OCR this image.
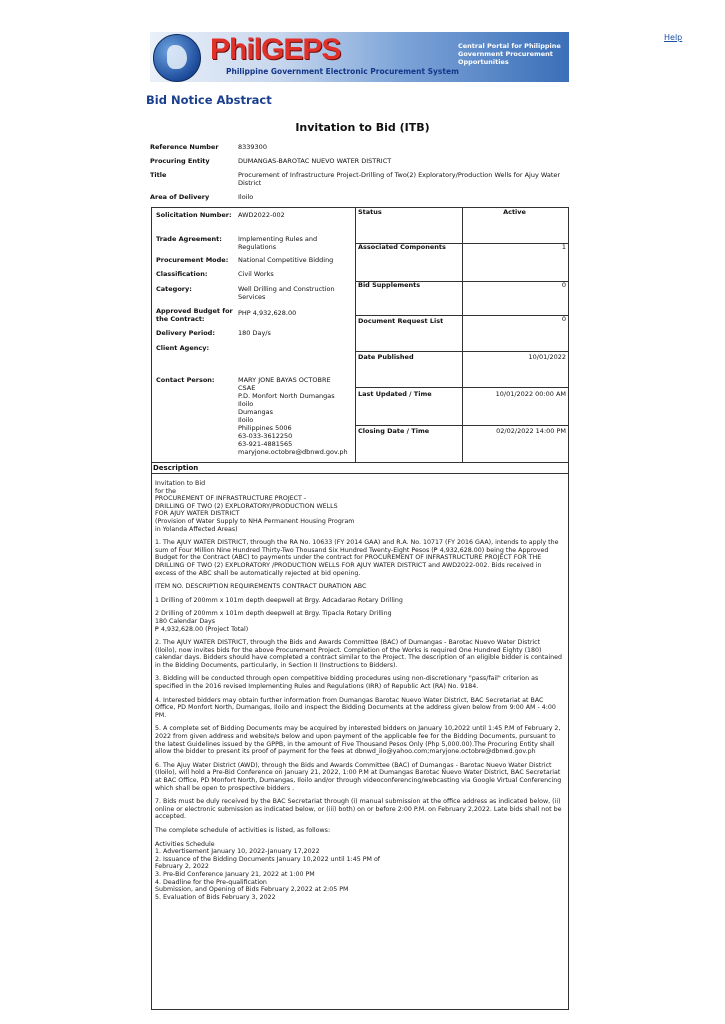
Help
PhilGEPS
Philippine Government Electronic Procurement System
Central Portal for Philippine Government Procurement Opportunities
Bid Notice Abstract
Invitation to Bid (ITB)
Reference Number	8339300
Procuring Entity	DUMANGAS-BAROTAC NUEVO WATER DISTRICT
Title	Procurement of Infrastructure Project-Drilling of Two(2) Exploratory/Production Wells for Ajuy Water District
Area of Delivery	Iloilo
Solicitation Number: AWD2022-002
Trade Agreement:	Implementing Rules and Regulations
Procurement Mode:	National Competitive Bidding
Classification:	Civil Works
Category:	Well Drilling and Construction Services
Approved Budget for the Contract:
PHP 4,932,628.00
Delivery Period:	180 Day/s
Client Agency:
Contact Person:	MARY JONE BAYAS OCTOBRE
CSAE
P.D. Monfort North Dumangas
Iloilo
Dumangas
Iloilo
Philippines 5006
63-033-3612250
63-921-4881565
maryjone.octobre@dbnwd.gov.ph
Status	Active
Associated Components	1
Bid Supplements	0
Document Request List	0
Date Published	10/01/2022
Last Updated / Time	10/01/2022 00:00 AM
Closing Date / Time	02/02/2022 14:00 PM
Description

Invitation to Bid
for the
PROCUREMENT OF INFRASTRUCTURE PROJECT -
DRILLING OF TWO (2) EXPLORATORY/PRODUCTION WELLS
FOR AJUY WATER DISTRICT
(Provision of Water Supply to NHA Permanent Housing Program
in Yolanda Affected Areas)

1. The AJUY WATER DISTRICT, through the RA No. 10633 (FY 2014 GAA) and R.A. No. 10717 (FY 2016 GAA), intends to apply the sum of Four Million Nine Hundred Thirty-Two Thousand Six Hundred Twenty-Eight Pesos (₱ 4,932,628.00) being the Approved Budget for the Contract (ABC) to payments under the contract for PROCUREMENT OF INFRASTRUCTURE PROJECT FOR THE DRILLING OF TWO (2) EXPLORATORY /PRODUCTION WELLS FOR AJUY WATER DISTRICT and AWD2022-002. Bids received in excess of the ABC shall be automatically rejected at bid opening.

ITEM NO. DESCRIPTION REQUIREMENTS CONTRACT DURATION ABC

1 Drilling of 200mm x 101m depth deepwell at Brgy. Adcadarao Rotary Drilling

2 Drilling of 200mm x 101m depth deepwell at Brgy. Tipacla Rotary Drilling
180 Calendar Days
₱ 4,932,628.00 (Project Total)

2. The AJUY WATER DISTRICT, through the Bids and Awards Committee (BAC) of Dumangas - Barotac Nuevo Water District (Iloilo), now invites bids for the above Procurement Project. Completion of the Works is required One Hundred Eighty (180) calendar days. Bidders should have completed a contract similar to the Project. The description of an eligible bidder is contained in the Bidding Documents, particularly, in Section II (Instructions to Bidders).

3. Bidding will be conducted through open competitive bidding procedures using non-discretionary "pass/fail" criterion as specified in the 2016 revised Implementing Rules and Regulations (IRR) of Republic Act (RA) No. 9184.

4. Interested bidders may obtain further information from Dumangas Barotac Nuevo Water District, BAC Secretariat at BAC Office, PD Monfort North, Dumangas, Iloilo and inspect the Bidding Documents at the address given below from 9:00 AM - 4:00 PM.

5. A complete set of Bidding Documents may be acquired by interested bidders on January 10,2022 until 1:45 P.M of February 2, 2022 from given address and website/s below and upon payment of the applicable fee for the Bidding Documents, pursuant to the latest Guidelines issued by the GPPB, in the amount of Five Thousand Pesos Only (Php 5,000.00).The Procuring Entity shall allow the bidder to present its proof of payment for the fees at dbnwd_ilo@yahoo.com;maryjone.octobre@dbnwd.gov.ph

6. The Ajuy Water District (AWD), through the Bids and Awards Committee (BAC) of Dumangas - Barotac Nuevo Water District (Iloilo), will hold a Pre-Bid Conference on January 21, 2022, 1:00 P.M at Dumangas Barotac Nuevo Water District, BAC Secretariat at BAC Office, PD Monfort North, Dumangas, Iloilo and/or through videoconferencing/webcasting via Google Virtual Conferencing which shall be open to prospective bidders .

7. Bids must be duly received by the BAC Secretariat through (i) manual submission at the office address as indicated below, (ii) online or electronic submission as indicated below, or (iii) both) on or before 2:00 P.M. on February 2,2022. Late bids shall not be accepted.

The complete schedule of activities is listed, as follows:

Activities Schedule
1. Advertisement January 10, 2022-January 17,2022
2. Issuance of the Bidding Documents January 10,2022 until 1:45 PM of
February 2, 2022
3. Pre-Bid Conference January 21, 2022 at 1:00 PM
4. Deadline for the Pre-qualification
Submission, and Opening of Bids February 2,2022 at 2:05 PM
5. Evaluation of Bids February 3, 2022
